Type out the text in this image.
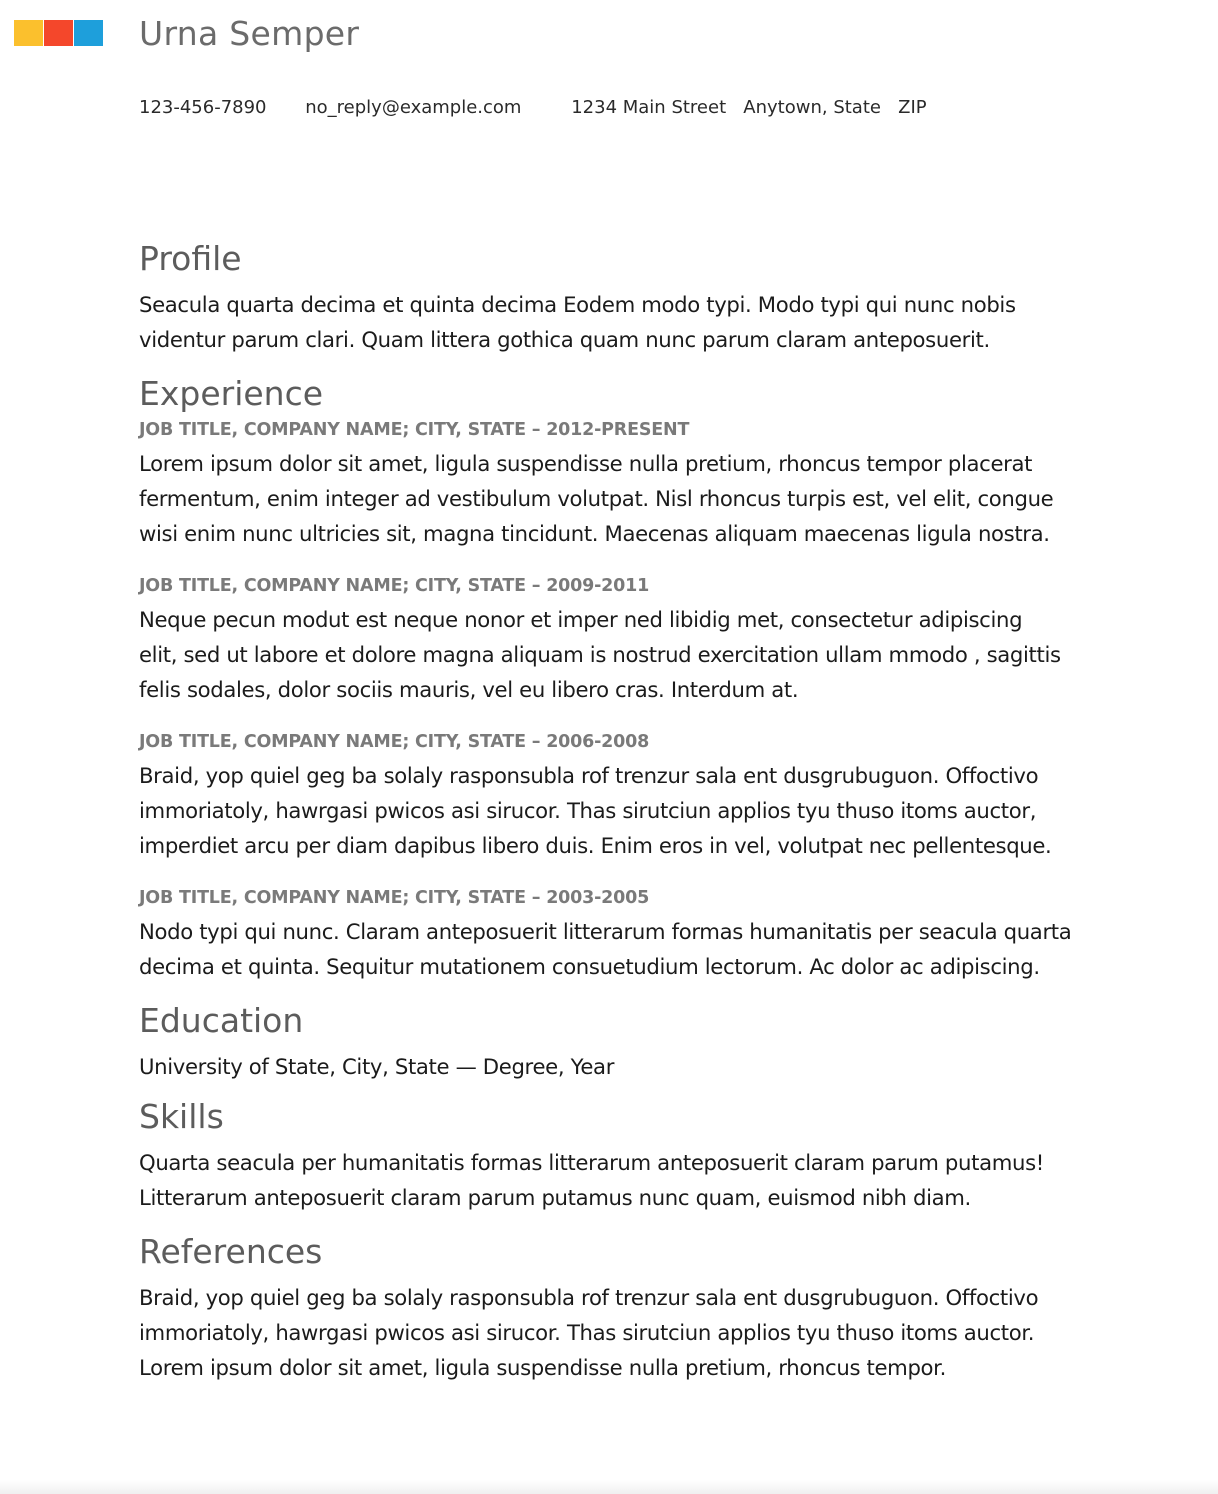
Urna Semper
123-456-7890 no_reply@example.com	1234 Main Street   Anytown, State   ZIP
Profile

Seacula quarta decima et quinta decima Eodem modo typi. Modo typi qui nunc nobis
videntur parum clari. Quam littera gothica quam nunc parum claram anteposuerit.

Experience
JOB TITLE, COMPANY NAME; CITY, STATE – 2012-PRESENT

Lorem ipsum dolor sit amet, ligula suspendisse nulla pretium, rhoncus tempor placerat
fermentum, enim integer ad vestibulum volutpat. Nisl rhoncus turpis est, vel elit, congue
wisi enim nunc ultricies sit, magna tincidunt. Maecenas aliquam maecenas ligula nostra.

JOB TITLE, COMPANY NAME; CITY, STATE – 2009-2011

Neque pecun modut est neque nonor et imper ned libidig met, consectetur adipiscing
elit, sed ut labore et dolore magna aliquam is nostrud exercitation ullam mmodo , sagittis
felis sodales, dolor sociis mauris, vel eu libero cras. Interdum at.

JOB TITLE, COMPANY NAME; CITY, STATE – 2006-2008

Braid, yop quiel geg ba solaly rasponsubla rof trenzur sala ent dusgrubuguon. Offoctivo
immoriatoly, hawrgasi pwicos asi sirucor. Thas sirutciun applios tyu thuso itoms auctor,
imperdiet arcu per diam dapibus libero duis. Enim eros in vel, volutpat nec pellentesque.

JOB TITLE, COMPANY NAME; CITY, STATE – 2003-2005

Nodo typi qui nunc. Claram anteposuerit litterarum formas humanitatis per seacula quarta
decima et quinta. Sequitur mutationem consuetudium lectorum. Ac dolor ac adipiscing.

Education

University of State, City, State — Degree, Year

Skills

Quarta seacula per humanitatis formas litterarum anteposuerit claram parum putamus!
Litterarum anteposuerit claram parum putamus nunc quam, euismod nibh diam.

References

Braid, yop quiel geg ba solaly rasponsubla rof trenzur sala ent dusgrubuguon. Offoctivo
immoriatoly, hawrgasi pwicos asi sirucor. Thas sirutciun applios tyu thuso itoms auctor.
Lorem ipsum dolor sit amet, ligula suspendisse nulla pretium, rhoncus tempor.
